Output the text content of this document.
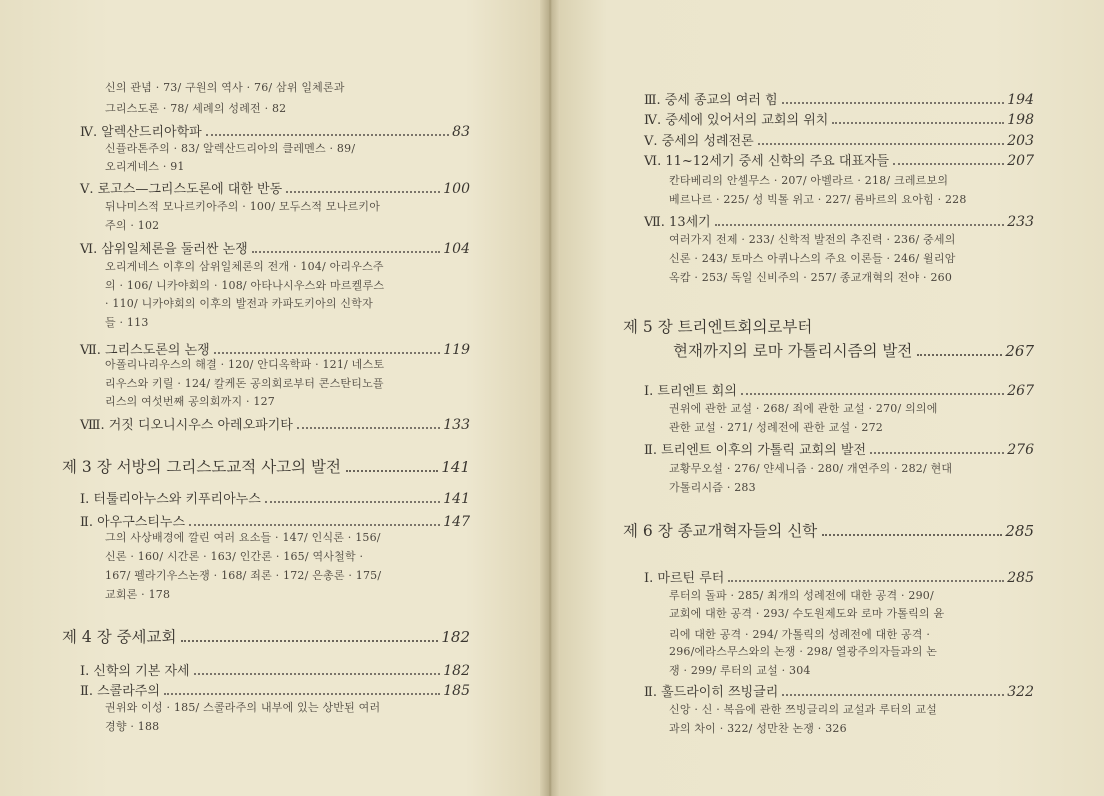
신의 관념 · 73/ 구원의 역사 · 76/ 삼위 일체론과
그리스도론 · 78/ 세례의 성례전 · 82
Ⅳ. 알렉산드리아학파	83
신플라톤주의 · 83/ 알렉산드리아의 클레멘스 · 89/
오리게네스 · 91
Ⅴ. 로고스—그리스도론에 대한 반동	100
뒤나미스적 모나르키아주의 · 100/ 모두스적 모나르키아
주의 · 102
Ⅵ. 삼위일체론을 둘러싼 논쟁	104
오리게네스 이후의 삼위일체론의 전개 · 104/ 아리우스주
의 · 106/ 니카야회의 · 108/ 아타나시우스와 마르켈루스
· 110/ 니카야회의 이후의 발전과 카파도키아의 신학자
들 · 113
Ⅶ. 그리스도론의 논쟁	119
아폴리나리우스의 해결 · 120/ 안디옥학파 · 121/ 네스토
리우스와 키릴 · 124/ 칼케돈 공의회로부터 콘스탄티노플
리스의 여섯번째 공의회까지 · 127
Ⅷ. 거짓 디오니시우스 아레오파기타	133
제 3 장 서방의 그리스도교적 사고의 발전	141
Ⅰ. 터툴리아누스와 키푸리아누스	141
Ⅱ. 아우구스티누스	147
그의 사상배경에 깔린 여러 요소들 · 147/ 인식론 · 156/
신론 · 160/ 시간론 · 163/ 인간론 · 165/ 역사철학 ·
167/ 펠라기우스논쟁 · 168/ 죄론 · 172/ 은총론 · 175/
교회론 · 178
제 4 장 중세교회	182
Ⅰ. 신학의 기본 자세	182
Ⅱ. 스콜라주의	185
권위와 이성 · 185/ 스콜라주의 내부에 있는 상반된 여러
경향 · 188
Ⅲ. 중세 종교의 여러 힘	194
Ⅳ. 중세에 있어서의 교회의 위치	198
Ⅴ. 중세의 성례전론	203
Ⅵ. 11~12세기 중세 신학의 주요 대표자들	207
칸타베리의 안셀무스 · 207/ 아벨라르 · 218/ 크레르보의
베르나르 · 225/ 성 빅톨 위고 · 227/ 롬바르의 요아힘 · 228
Ⅶ. 13세기	233
여러가지 전제 · 233/ 신학적 발전의 추진력 · 236/ 중세의
신론 · 243/ 토마스 아퀴나스의 주요 이론들 · 246/ 윌리암
옥캄 · 253/ 독일 신비주의 · 257/ 종교개혁의 전야 · 260
제 5 장 트리엔트회의로부터
현재까지의 로마 가톨리시즘의 발전	267
Ⅰ. 트리엔트 회의	267
권위에 관한 교설 · 268/ 죄에 관한 교설 · 270/ 의의에
관한 교설 · 271/ 성례전에 관한 교설 · 272
Ⅱ. 트리엔트 이후의 가톨릭 교회의 발전	276
교황무오설 · 276/ 얀세니즘 · 280/ 개연주의 · 282/ 현대
가톨리시즘 · 283
제 6 장 종교개혁자들의 신학	285
Ⅰ. 마르틴 루터	285
루터의 돌파 · 285/ 최개의 성례전에 대한 공격 · 290/
교회에 대한 공격 · 293/ 수도원제도와 로마 가톨릭의 윤
리에 대한 공격 · 294/ 가톨릭의 성례전에 대한 공격 ·
296/에라스무스와의 논쟁 · 298/ 열광주의자들과의 논
쟁 · 299/ 루터의 교설 · 304
Ⅱ. 훌드라이히 쯔빙글리	322
신앙 · 신 · 복음에 관한 쯔빙글리의 교설과 루터의 교설
과의 차이 · 322/ 성만찬 논쟁 · 326
